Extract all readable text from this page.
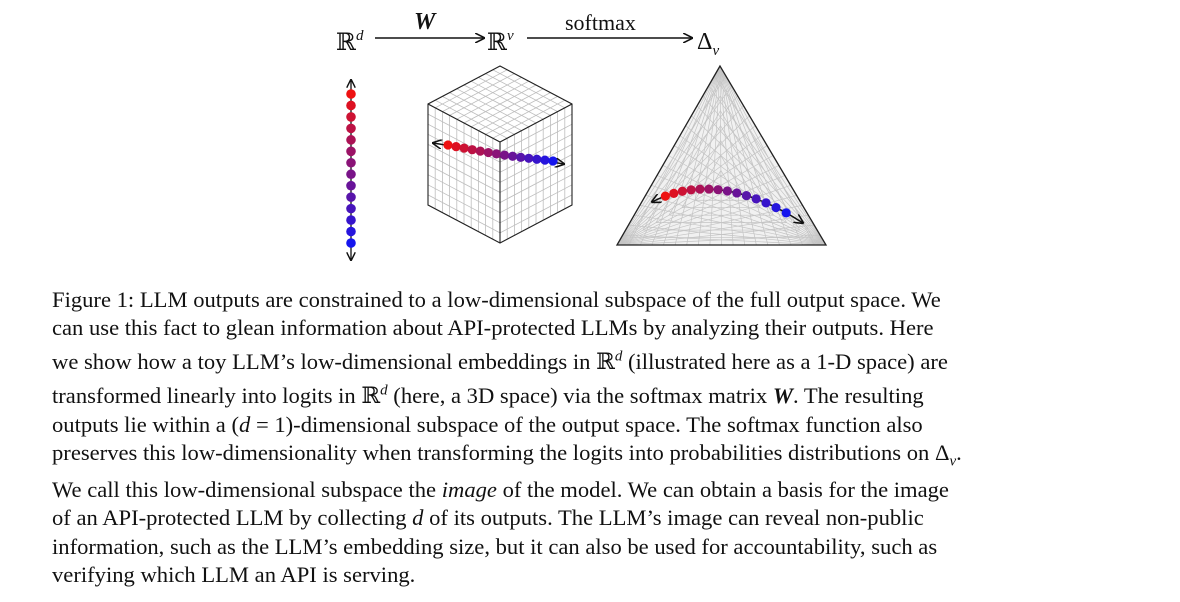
ℝ$^d$
W
ℝ$^v$
softmax
$\Delta_v$
Figure 1: LLM outputs are constrained to a low-dimensional subspace of the full output space. We
can use this fact to glean information about API-protected LLMs by analyzing their outputs. Here
we show how a toy LLM’s low-dimensional embeddings in ℝ$^d$ (illustrated here as a 1-D space) are
transformed linearly into logits in ℝ$^d$ (here, a 3D space) via the softmax matrix W. The resulting
outputs lie within a (d = 1)-dimensional subspace of the output space. The softmax function also
preserves this low-dimensionality when transforming the logits into probabilities distributions on $\Delta_v$.
We call this low-dimensional subspace the image of the model. We can obtain a basis for the image
of an API-protected LLM by collecting d of its outputs. The LLM’s image can reveal non-public
information, such as the LLM’s embedding size, but it can also be used for accountability, such as
verifying which LLM an API is serving.
